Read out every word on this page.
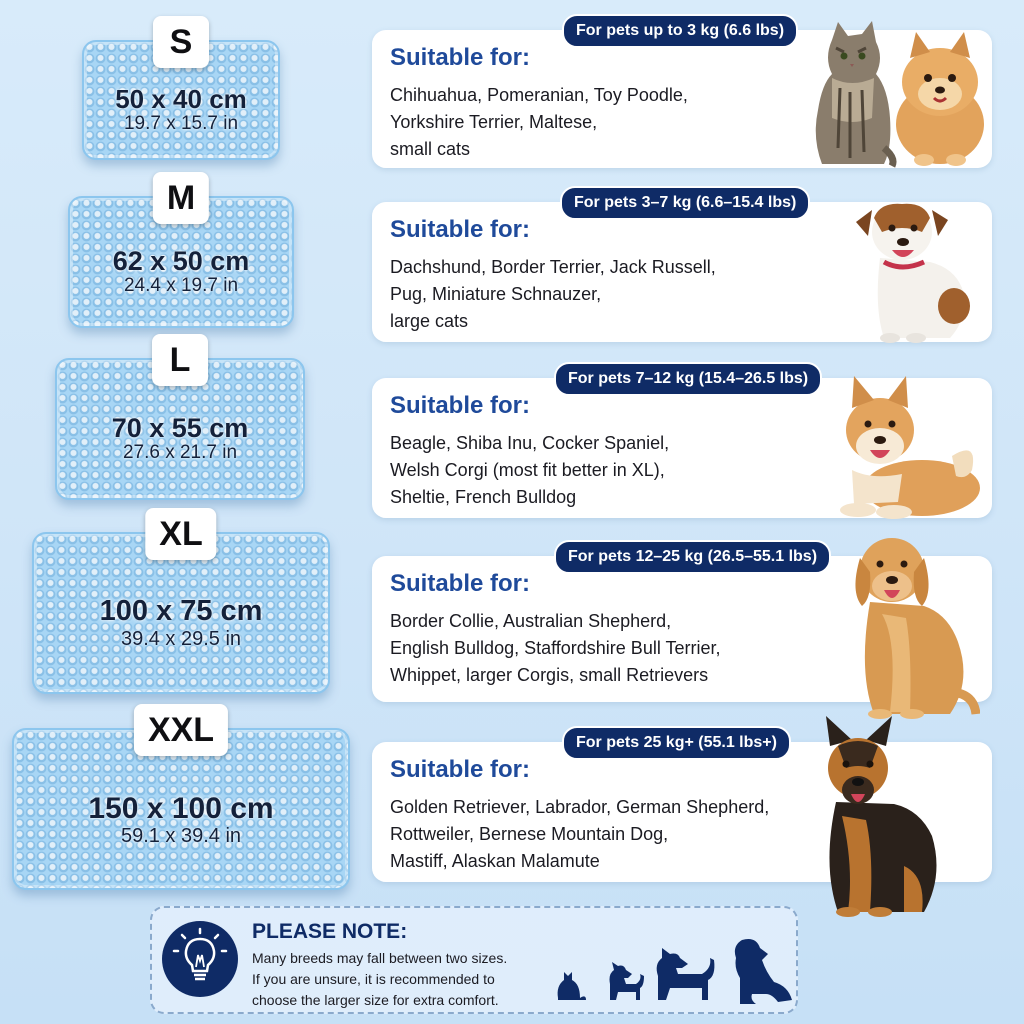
S
50 x 40 cm
19.7 x 15.7 in
For pets up to 3 kg (6.6 lbs)
Suitable for:
Chihuahua, Pomeranian, Toy Poodle,
Yorkshire Terrier, Maltese,
small cats
M
62 x 50 cm
24.4 x 19.7 in
For pets 3–7 kg (6.6–15.4 lbs)
Suitable for:
Dachshund, Border Terrier, Jack Russell,
Pug, Miniature Schnauzer,
large cats
L
70 x 55 cm
27.6 x 21.7 in
For pets 7–12 kg (15.4–26.5 lbs)
Suitable for:
Beagle, Shiba Inu, Cocker Spaniel,
Welsh Corgi (most fit better in XL),
Sheltie, French Bulldog
XL
100 x 75 cm
39.4 x 29.5 in
For pets 12–25 kg (26.5–55.1 lbs)
Suitable for:
Border Collie, Australian Shepherd,
English Bulldog, Staffordshire Bull Terrier,
Whippet, larger Corgis, small Retrievers
XXL
150 x 100 cm
59.1 x 39.4 in
For pets 25 kg+ (55.1 lbs+)
Suitable for:
Golden Retriever, Labrador, German Shepherd,
Rottweiler, Bernese Mountain Dog,
Mastiff, Alaskan Malamute
PLEASE NOTE:
Many breeds may fall between two sizes.
If you are unsure, it is recommended to
choose the larger size for extra comfort.
